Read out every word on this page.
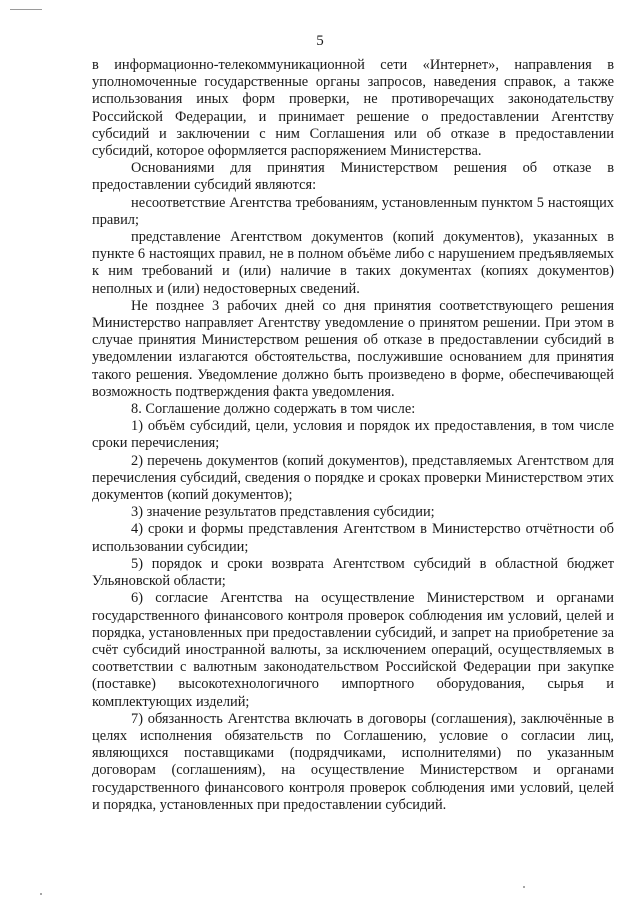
5

в информационно-телекоммуникационной сети «Интернет», направления в уполномоченные государственные органы запросов, наведения справок, а также использования иных форм проверки, не противоречащих законодательству Российской Федерации, и принимает решение о предоставлении Агентству субсидий и заключении с ним Соглашения или об отказе в предоставлении субсидий, которое оформляется распоряжением Министерства.

Основаниями для принятия Министерством решения об отказе в предоставлении субсидий являются:

несоответствие Агентства требованиям, установленным пунктом 5 настоящих правил;

представление Агентством документов (копий документов), указанных в пункте 6 настоящих правил, не в полном объёме либо с нарушением предъявляемых к ним требований и (или) наличие в таких документах (копиях документов) неполных и (или) недостоверных сведений.

Не позднее 3 рабочих дней со дня принятия соответствующего решения Министерство направляет Агентству уведомление о принятом решении. При этом в случае принятия Министерством решения об отказе в предоставлении субсидий в уведомлении излагаются обстоятельства, послужившие основанием для принятия такого решения. Уведомление должно быть произведено в форме, обеспечивающей возможность подтверждения факта уведомления.

8. Соглашение должно содержать в том числе:

1) объём субсидий, цели, условия и порядок их предоставления, в том числе сроки перечисления;

2) перечень документов (копий документов), представляемых Агентством для перечисления субсидий, сведения о порядке и сроках проверки Министерством этих документов (копий документов);

3) значение результатов представления субсидии;

4) сроки и формы представления Агентством в Министерство отчётности об использовании субсидии;

5) порядок и сроки возврата Агентством субсидий в областной бюджет Ульяновской области;

6) согласие Агентства на осуществление Министерством и органами государственного финансового контроля проверок соблюдения им условий, целей и порядка, установленных при предоставлении субсидий, и запрет на приобретение за счёт субсидий иностранной валюты, за исключением операций, осуществляемых в соответствии с валютным законодательством Российской Федерации при закупке (поставке) высокотехнологичного импортного оборудования, сырья и комплектующих изделий;

7) обязанность Агентства включать в договоры (соглашения), заключённые в целях исполнения обязательств по Соглашению, условие о согласии лиц, являющихся поставщиками (подрядчиками, исполнителями) по указанным договорам (соглашениям), на осуществление Министерством и органами государственного финансового контроля проверок соблюдения ими условий, целей и порядка, установленных при предоставлении субсидий.
